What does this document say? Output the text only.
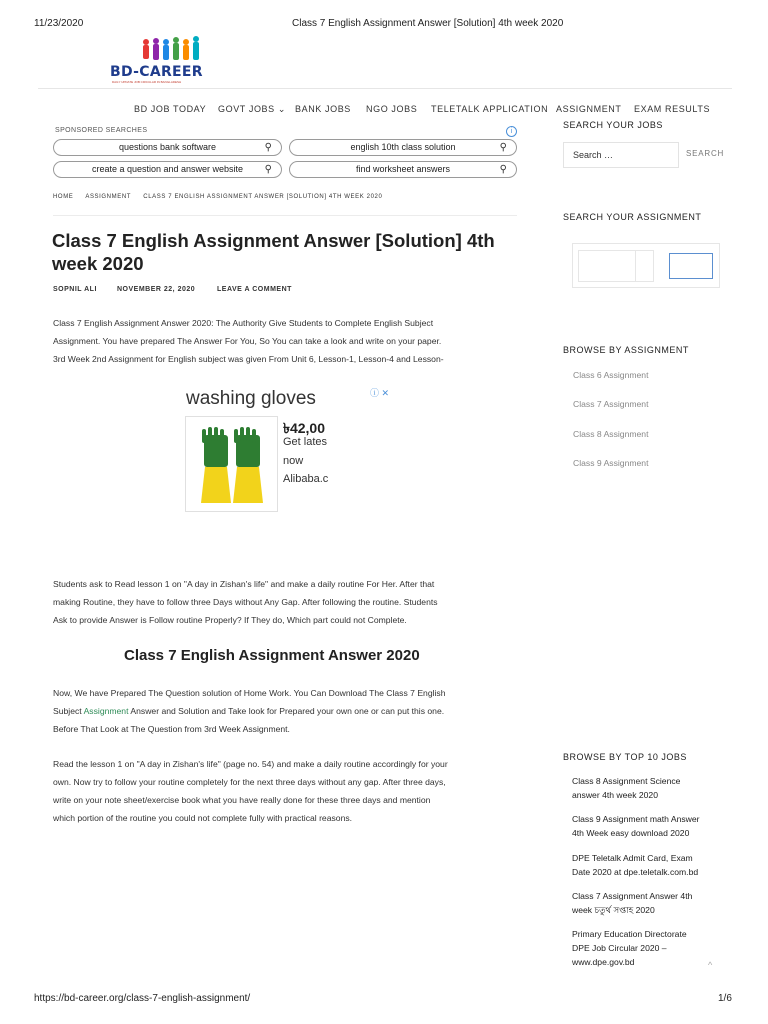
11/23/2020	Class 7 English Assignment Answer [Solution] 4th week 2020
BD-CAREER
DAILY UPDATE JOB CIRCULAR IN BANGLADESH
BD JOB TODAY GOVT JOBS ⌄ BANK JOBS NGO JOBS TELETALK APPLICATION ASSIGNMENT EXAM RESULTS
SPONSORED SEARCHES	i
questions bank software	⚲	english 10th class solution	⚲
create a question and answer website ⚲	find worksheet answers	⚲
HOME ASSIGNMENT CLASS 7 ENGLISH ASSIGNMENT ANSWER [SOLUTION] 4TH WEEK 2020
Class 7 English Assignment Answer [Solution] 4th week 2020
SOPNIL ALI	NOVEMBER 22, 2020	LEAVE A COMMENT
Class 7 English Assignment Answer 2020: The Authority Give Students to Complete English Subject
Assignment. You have prepared The Answer For You, So You can take a look and write on your paper.
3rd Week 2nd Assignment for English subject was given From Unit 6, Lesson-1, Lesson-4 and Lesson-
washing gloves	ⓘ ✕
৳42,00
Get lates
now
Alibaba.c
Students ask to Read lesson 1 on "A day in Zishan's life" and make a daily routine For Her. After that
making Routine, they have to follow three Days without Any Gap. After following the routine. Students
Ask to provide Answer is Follow routine Properly? If They do, Which part could not Complete.
Class 7 English Assignment Answer 2020
Now, We have Prepared The Question solution of Home Work. You Can Download The Class 7 English
Subject Assignment Answer and Solution and Take look for Prepared your own one or can put this one.
Before That Look at The Question from 3rd Week Assignment.
Read the lesson 1 on "A day in Zishan's life" (page no. 54) and make a daily routine accordingly for your
own. Now try to follow your routine completely for the next three days without any gap. After three days,
write on your note sheet/exercise book what you have really done for these three days and mention
which portion of the routine you could not complete fully with practical reasons.
SEARCH YOUR JOBS
Search …	SEARCH
SEARCH YOUR ASSIGNMENT
BROWSE BY ASSIGNMENT
Class 6 Assignment
Class 7 Assignment
Class 8 Assignment
Class 9 Assignment
BROWSE BY TOP 10 JOBS
Class 8 Assignment Science
answer 4th week 2020
Class 9 Assignment math Answer
4th Week easy download 2020
DPE Teletalk Admit Card, Exam
Date 2020 at dpe.teletalk.com.bd
Class 7 Assignment Answer 4th
week চতুর্থ সপ্তাহ 2020
Primary Education Directorate
DPE Job Circular 2020 –
www.dpe.gov.bd	^
https://bd-career.org/class-7-english-assignment/	1/6
